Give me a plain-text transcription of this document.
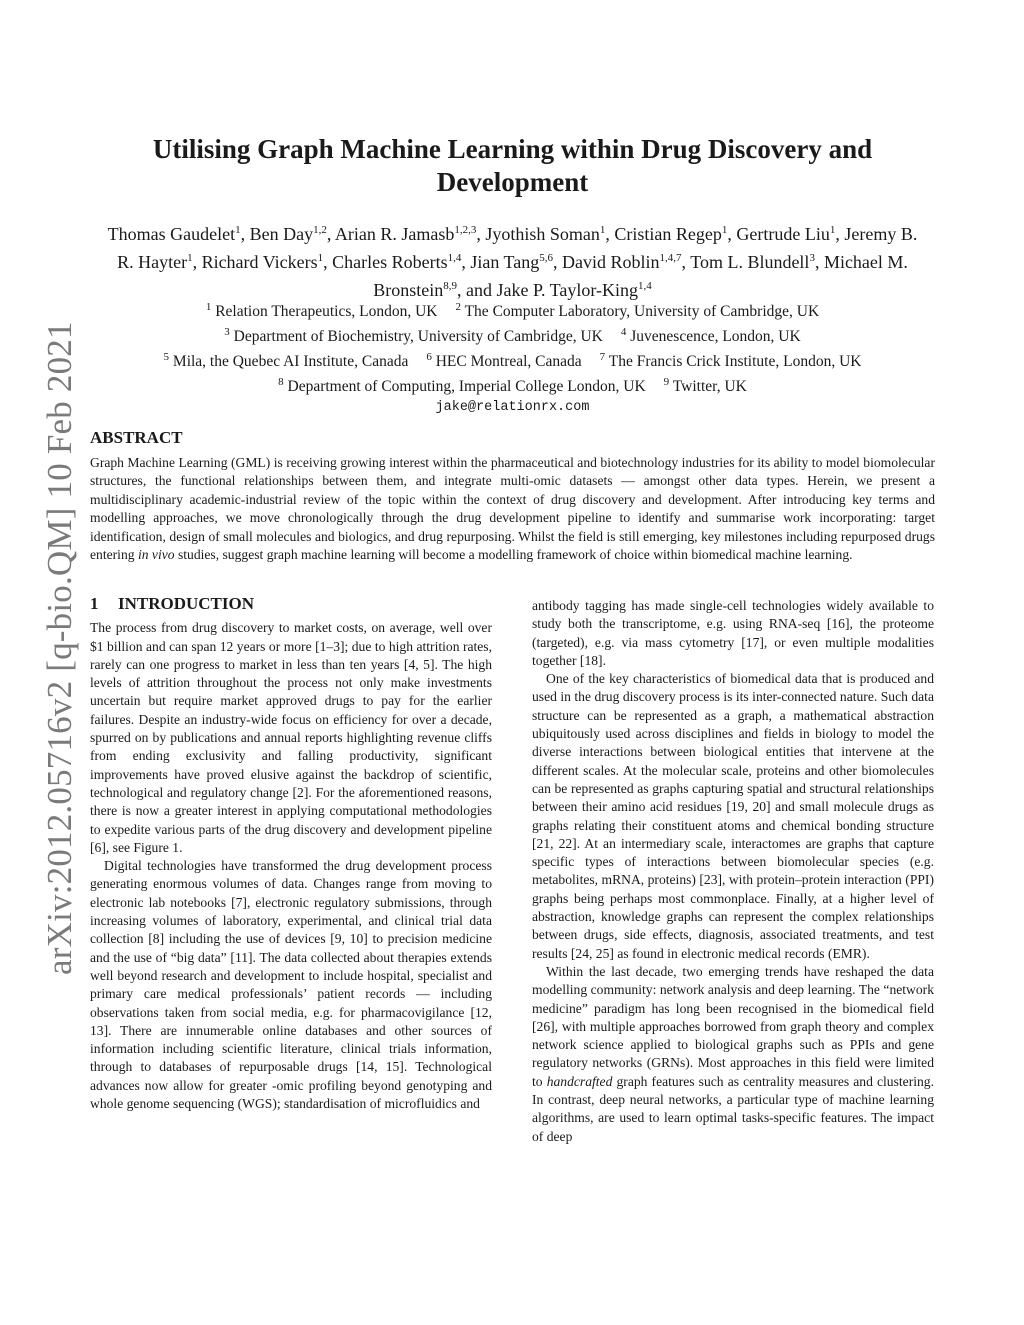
arXiv:2012.05716v2 [q-bio.QM] 10 Feb 2021
Utilising Graph Machine Learning within Drug Discovery and Development
Thomas Gaudelet$^1$, Ben Day$^{1,2}$, Arian R. Jamasb$^{1,2,3}$, Jyothish Soman$^1$, Cristian Regep$^1$, Gertrude Liu$^1$, Jeremy B. R. Hayter$^1$, Richard Vickers$^1$, Charles Roberts$^{1,4}$, Jian Tang$^{5,6}$, David Roblin$^{1,4,7}$, Tom L. Blundell$^3$, Michael M. Bronstein$^{8,9}$, and Jake P. Taylor-King$^{1,4}$
$^1$ Relation Therapeutics, London, UK $^2$ The Computer Laboratory, University of Cambridge, UK
$^3$ Department of Biochemistry, University of Cambridge, UK $^4$ Juvenescence, London, UK
$^5$ Mila, the Quebec AI Institute, Canada $^6$ HEC Montreal, Canada $^7$ The Francis Crick Institute, London, UK
$^8$ Department of Computing, Imperial College London, UK $^9$ Twitter, UK
jake@relationrx.com
ABSTRACT
Graph Machine Learning (GML) is receiving growing interest within the pharmaceutical and biotechnology industries for its ability to model biomolecular structures, the functional relationships between them, and integrate multi-omic datasets — amongst other data types. Herein, we present a multidisciplinary academic-industrial review of the topic within the context of drug discovery and development. After introducing key terms and modelling approaches, we move chronologically through the drug development pipeline to identify and summarise work incorporating: target identification, design of small molecules and biologics, and drug repurposing. Whilst the field is still emerging, key milestones including repurposed drugs entering in vivo studies, suggest graph machine learning will become a modelling framework of choice within biomedical machine learning.
1 INTRODUCTION

The process from drug discovery to market costs, on average, well over $1 billion and can span 12 years or more [1–3]; due to high attrition rates, rarely can one progress to market in less than ten years [4, 5]. The high levels of attrition throughout the process not only make investments uncertain but require market approved drugs to pay for the earlier failures. Despite an industry-wide focus on efficiency for over a decade, spurred on by publications and annual reports highlighting revenue cliffs from ending exclusivity and falling productivity, significant improvements have proved elusive against the backdrop of scientific, technological and regulatory change [2]. For the aforementioned reasons, there is now a greater interest in applying computational methodologies to expedite various parts of the drug discovery and development pipeline [6], see Figure 1.

Digital technologies have transformed the drug development process generating enormous volumes of data. Changes range from moving to electronic lab notebooks [7], electronic regulatory submissions, through increasing volumes of laboratory, experimental, and clinical trial data collection [8] including the use of devices [9, 10] to precision medicine and the use of “big data” [11]. The data collected about therapies extends well beyond research and development to include hospital, specialist and primary care medical professionals’ patient records — including observations taken from social media, e.g. for pharmacovigilance [12, 13]. There are innumerable online databases and other sources of information including scientific literature, clinical trials information, through to databases of repurposable drugs [14, 15]. Technological advances now allow for greater -omic profiling beyond genotyping and whole genome sequencing (WGS); standardisation of microfluidics and

antibody tagging has made single-cell technologies widely available to study both the transcriptome, e.g. using RNA-seq [16], the proteome (targeted), e.g. via mass cytometry [17], or even multiple modalities together [18].

One of the key characteristics of biomedical data that is produced and used in the drug discovery process is its inter-connected nature. Such data structure can be represented as a graph, a mathematical abstraction ubiquitously used across disciplines and fields in biology to model the diverse interactions between biological entities that intervene at the different scales. At the molecular scale, proteins and other biomolecules can be represented as graphs capturing spatial and structural relationships between their amino acid residues [19, 20] and small molecule drugs as graphs relating their constituent atoms and chemical bonding structure [21, 22]. At an intermediary scale, interactomes are graphs that capture specific types of interactions between biomolecular species (e.g. metabolites, mRNA, proteins) [23], with protein–protein interaction (PPI) graphs being perhaps most commonplace. Finally, at a higher level of abstraction, knowledge graphs can represent the complex relationships between drugs, side effects, diagnosis, associated treatments, and test results [24, 25] as found in electronic medical records (EMR).

Within the last decade, two emerging trends have reshaped the data modelling community: network analysis and deep learning. The “network medicine” paradigm has long been recognised in the biomedical field [26], with multiple approaches borrowed from graph theory and complex network science applied to biological graphs such as PPIs and gene regulatory networks (GRNs). Most approaches in this field were limited to handcrafted graph features such as centrality measures and clustering. In contrast, deep neural networks, a particular type of machine learning algorithms, are used to learn optimal tasks-specific features. The impact of deep
